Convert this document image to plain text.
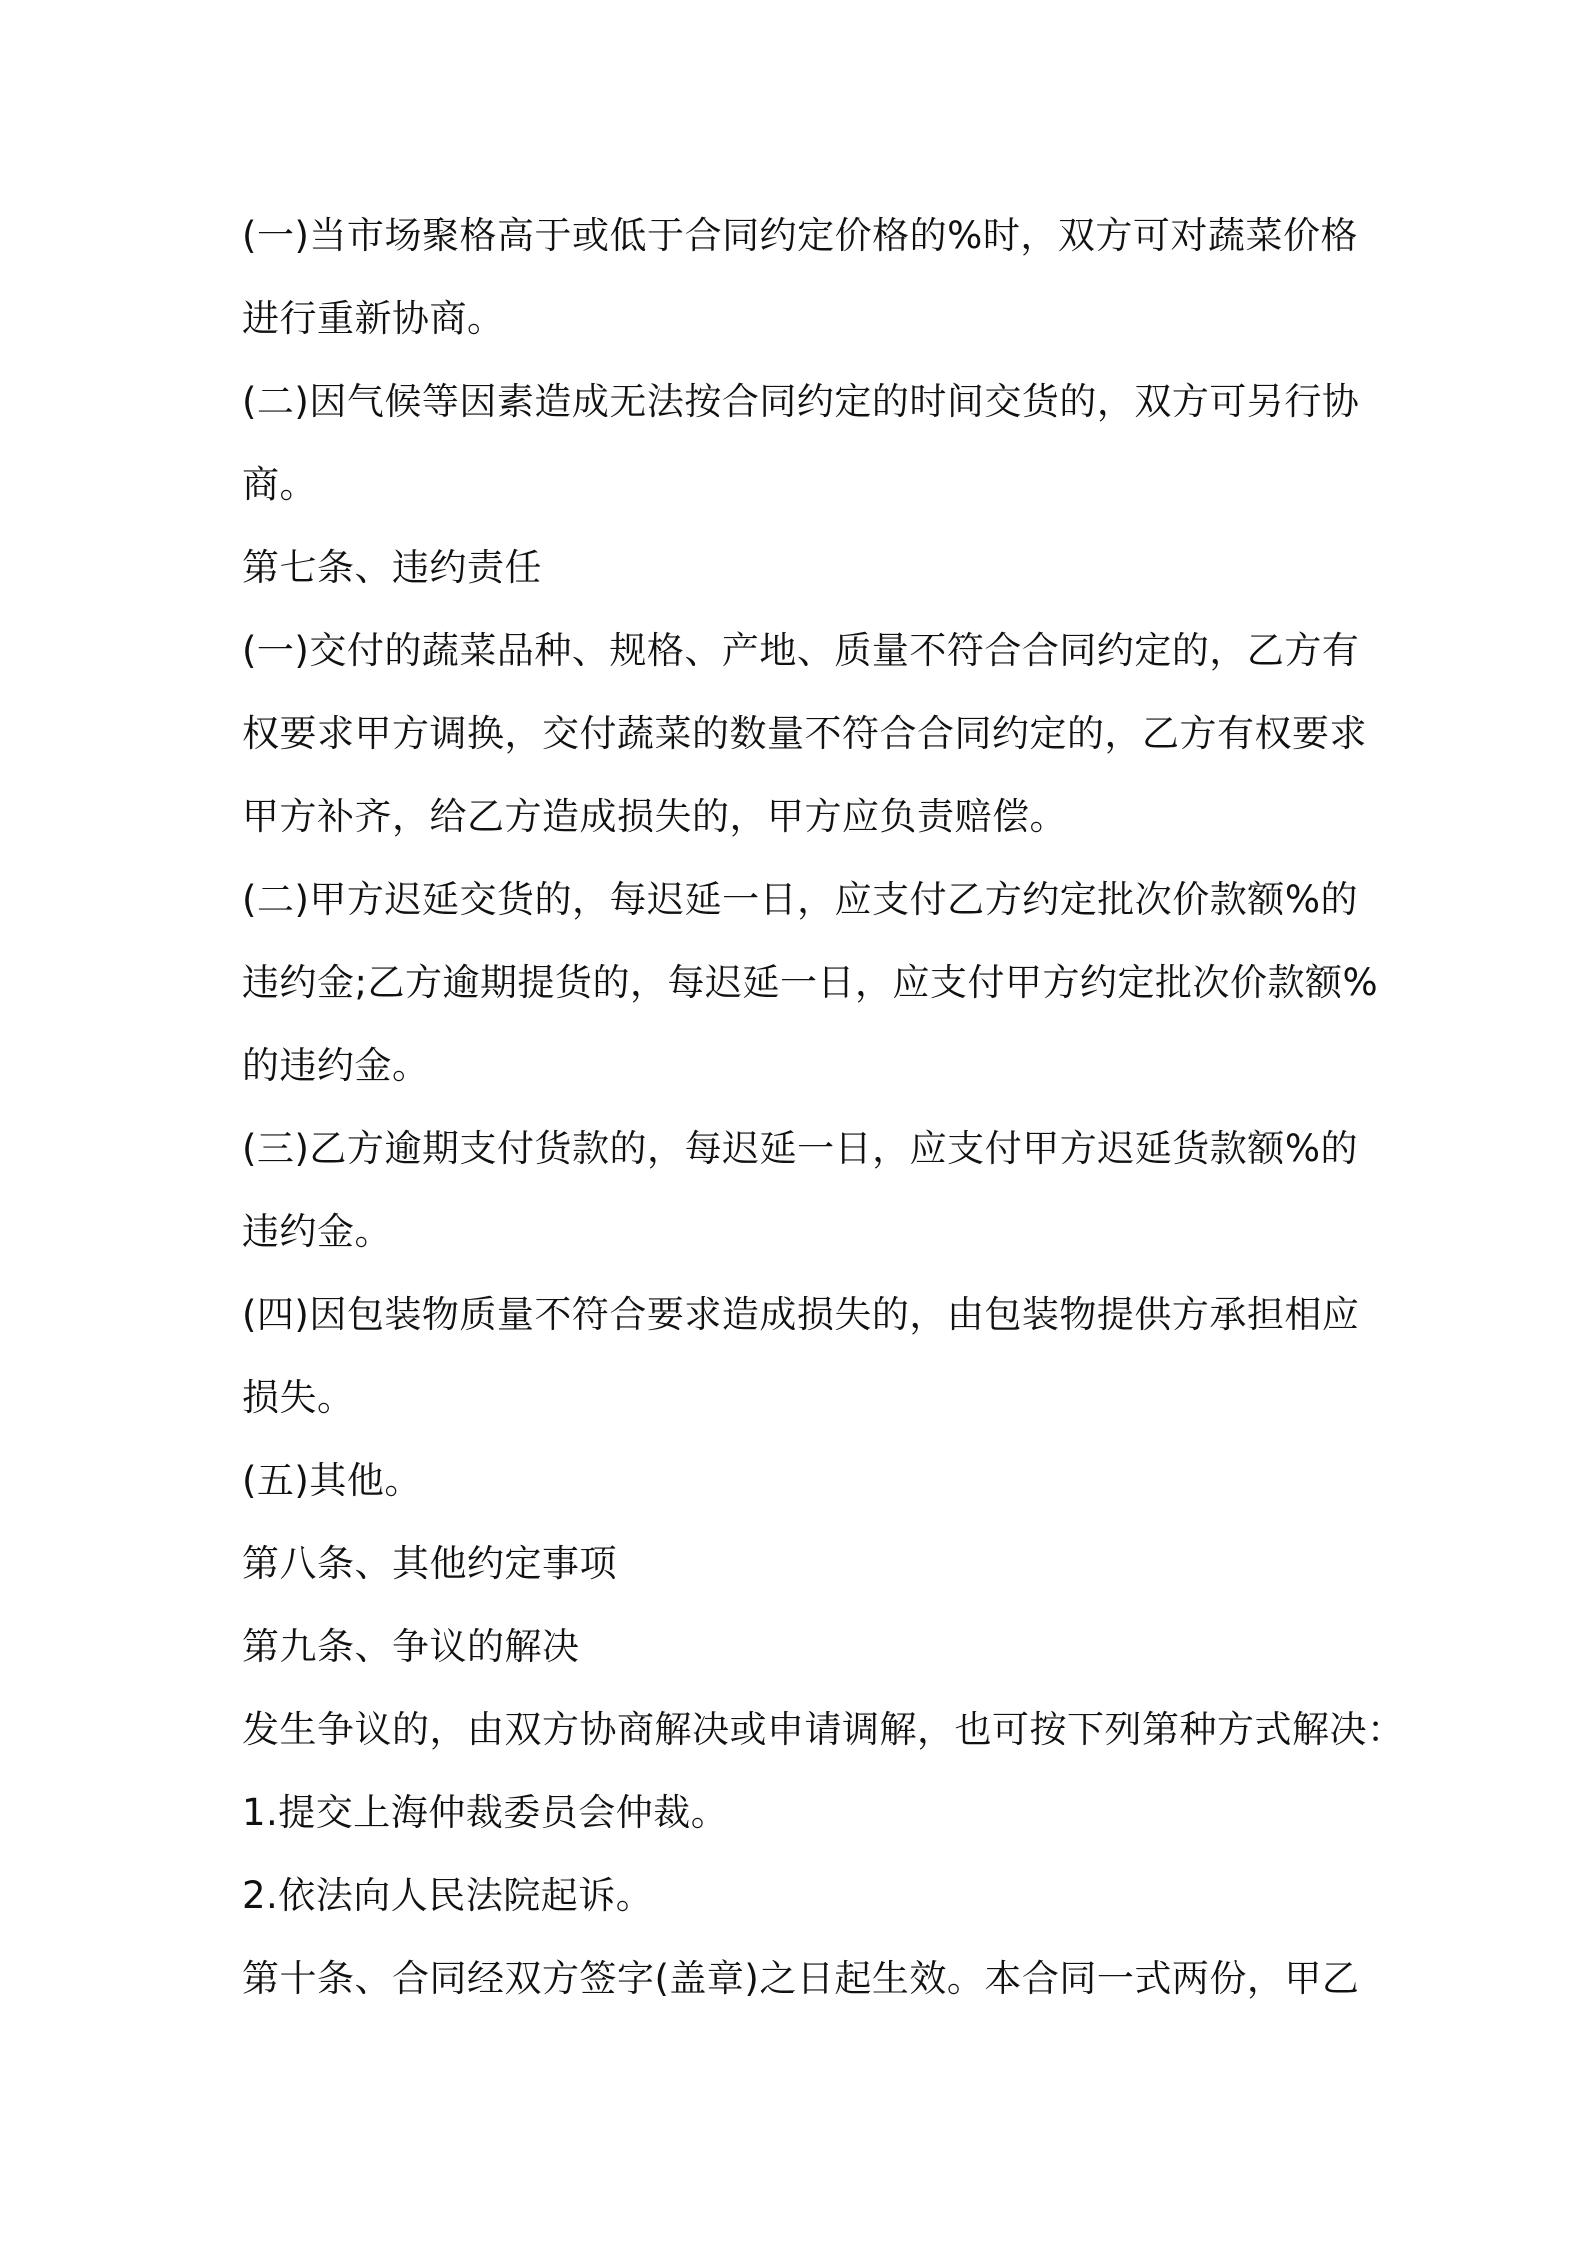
(一)当市场聚格高于或低于合同约定价格的%时，双方可对蔬菜价格
进行重新协商。
(二)因气候等因素造成无法按合同约定的时间交货的，双方可另行协
商。
第七条、违约责任
(一)交付的蔬菜品种、规格、产地、质量不符合合同约定的，乙方有
权要求甲方调换，交付蔬菜的数量不符合合同约定的，乙方有权要求
甲方补齐，给乙方造成损失的，甲方应负责赔偿。
(二)甲方迟延交货的，每迟延一日，应支付乙方约定批次价款额%的
违约金;乙方逾期提货的，每迟延一日，应支付甲方约定批次价款额%
的违约金。
(三)乙方逾期支付货款的，每迟延一日，应支付甲方迟延货款额%的
违约金。
(四)因包装物质量不符合要求造成损失的，由包装物提供方承担相应
损失。
(五)其他。
第八条、其他约定事项
第九条、争议的解决
发生争议的，由双方协商解决或申请调解，也可按下列第种方式解决：
1.提交上海仲裁委员会仲裁。
2.依法向人民法院起诉。
第十条、合同经双方签字(盖章)之日起生效。本合同一式两份，甲乙
